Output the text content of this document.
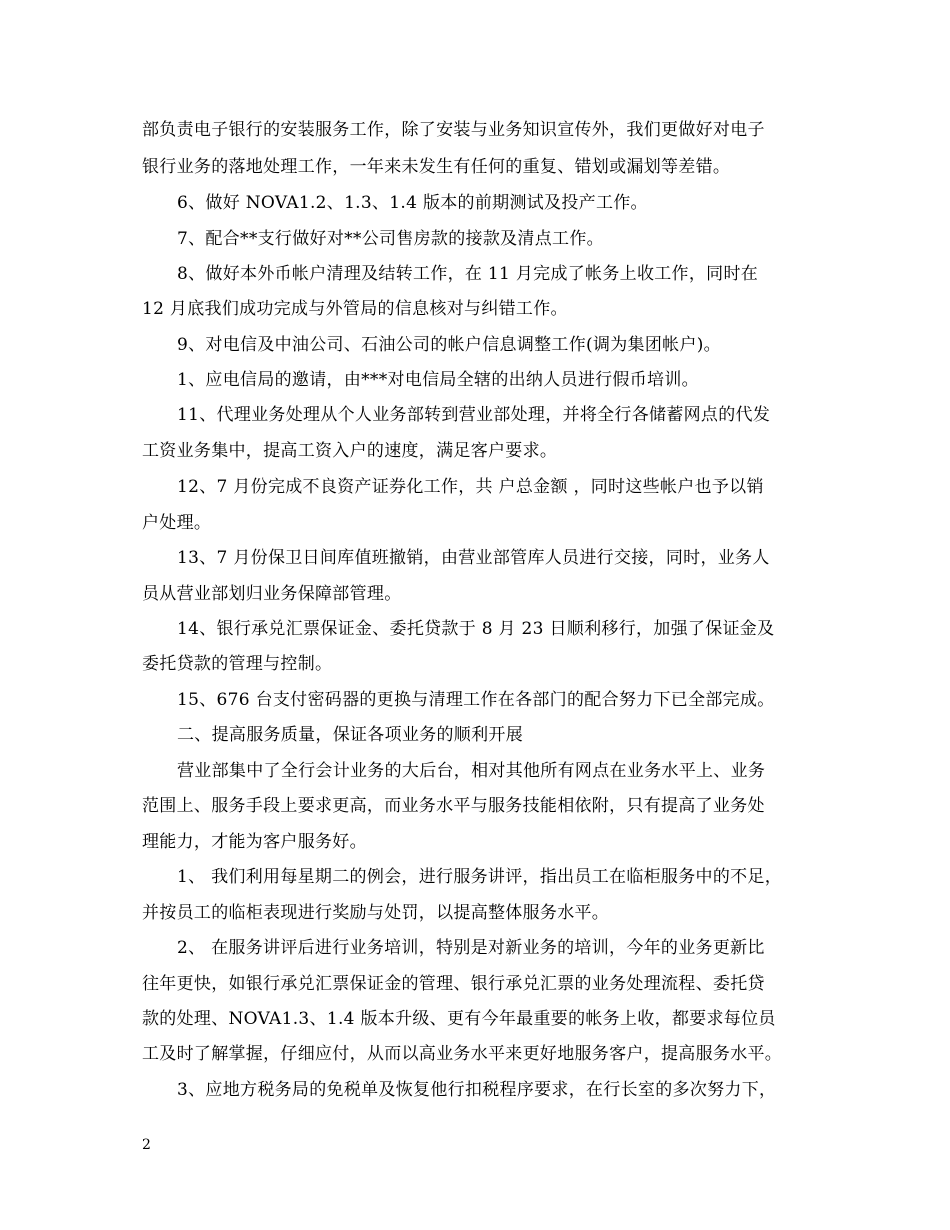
部负责电子银行的安装服务工作，除了安装与业务知识宣传外，我们更做好对电子
银行业务的落地处理工作，一年来未发生有任何的重复、错划或漏划等差错。
6、做好 NOVA1.2、1.3、1.4 版本的前期测试及投产工作。
7、配合**支行做好对**公司售房款的接款及清点工作。
8、做好本外币帐户清理及结转工作，在 11 月完成了帐务上收工作，同时在
12 月底我们成功完成与外管局的信息核对与纠错工作。
9、对电信及中油公司、石油公司的帐户信息调整工作(调为集团帐户)。
1、应电信局的邀请，由***对电信局全辖的出纳人员进行假币培训。
11、代理业务处理从个人业务部转到营业部处理，并将全行各储蓄网点的代发
工资业务集中，提高工资入户的速度，满足客户要求。
12、7 月份完成不良资产证券化工作，共 户总金额 ，同时这些帐户也予以销
户处理。
13、7 月份保卫日间库值班撤销，由营业部管库人员进行交接，同时，业务人
员从营业部划归业务保障部管理。
14、银行承兑汇票保证金、委托贷款于 8 月 23 日顺利移行，加强了保证金及
委托贷款的管理与控制。
15、676 台支付密码器的更换与清理工作在各部门的配合努力下已全部完成。
二、提高服务质量，保证各项业务的顺利开展
营业部集中了全行会计业务的大后台，相对其他所有网点在业务水平上、业务
范围上、服务手段上要求更高，而业务水平与服务技能相依附，只有提高了业务处
理能力，才能为客户服务好。
1、 我们利用每星期二的例会，进行服务讲评，指出员工在临柜服务中的不足，
并按员工的临柜表现进行奖励与处罚，以提高整体服务水平。
2、 在服务讲评后进行业务培训，特别是对新业务的培训，今年的业务更新比
往年更快，如银行承兑汇票保证金的管理、银行承兑汇票的业务处理流程、委托贷
款的处理、NOVA1.3、1.4 版本升级、更有今年最重要的帐务上收，都要求每位员
工及时了解掌握，仔细应付，从而以高业务水平来更好地服务客户，提高服务水平。
3、应地方税务局的免税单及恢复他行扣税程序要求，在行长室的多次努力下，
2
